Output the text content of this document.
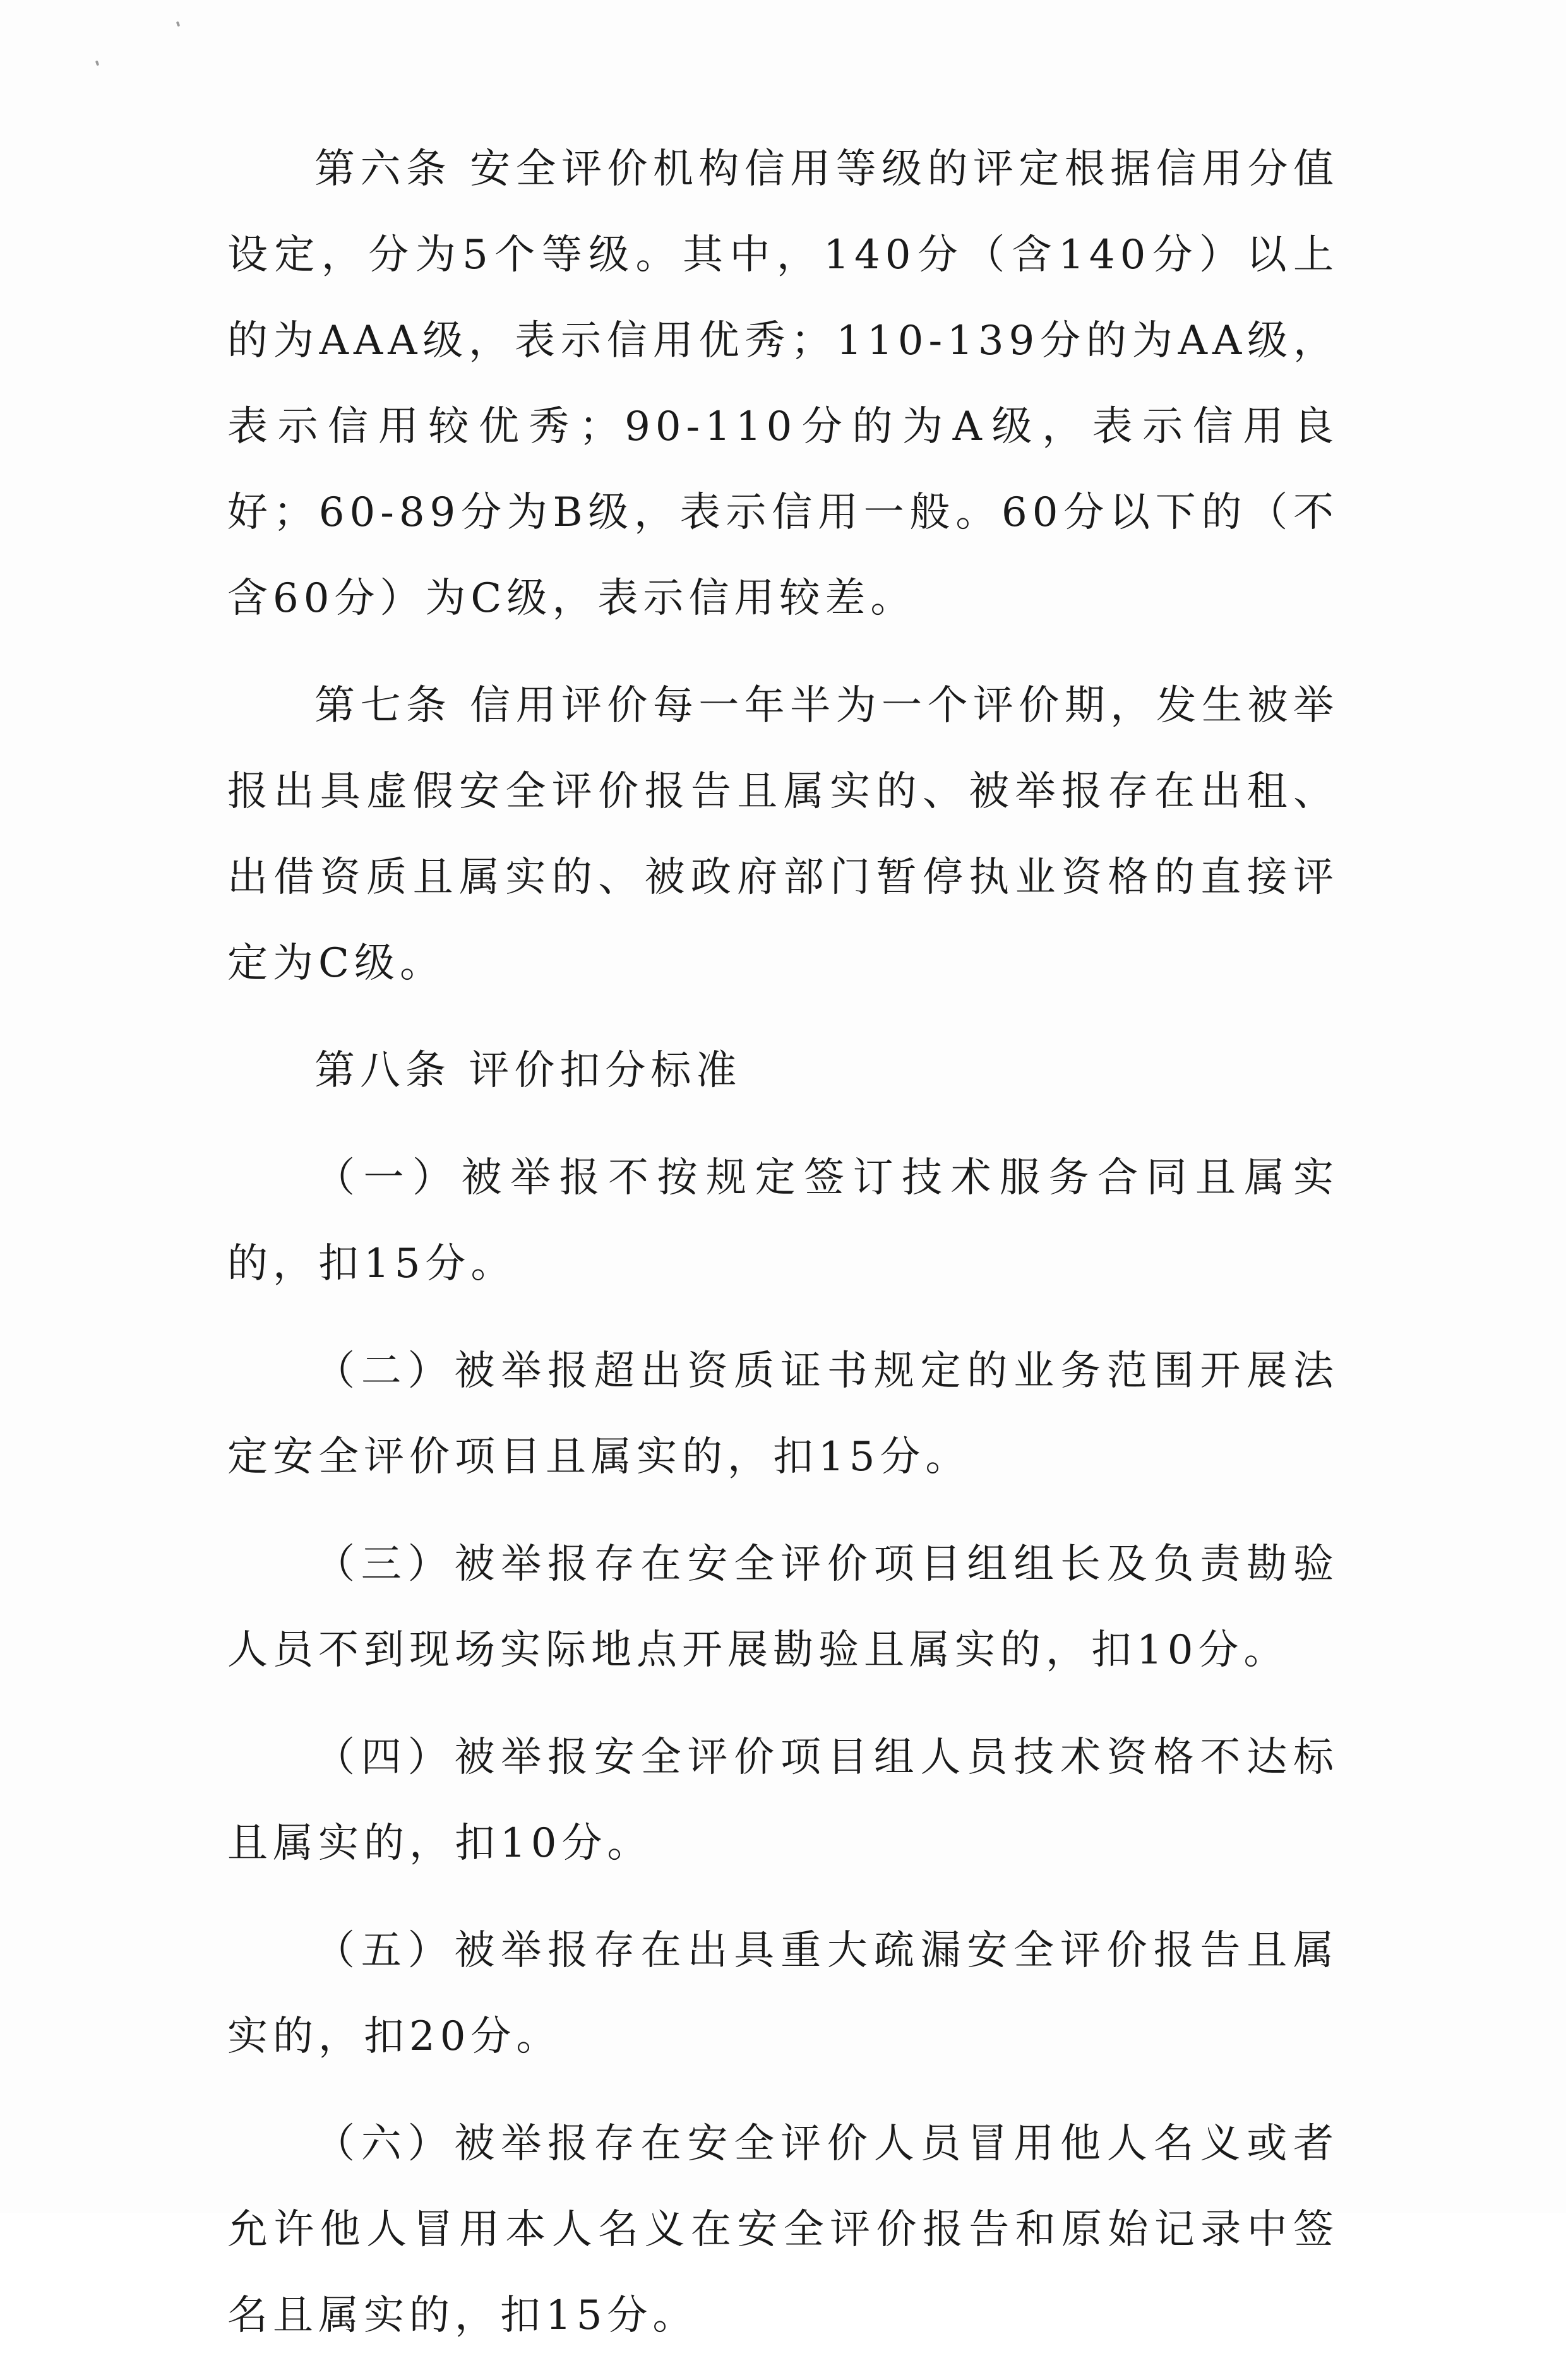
第六条 安全评价机构信用等级的评定根据信用分值设定，分为5个等级。其中，140分（含140分）以上的为AAA级，表示信用优秀；110-139分的为AA级，表示信用较优秀；90-110分的为A级，表示信用良好；60-89分为B级，表示信用一般。60分以下的（不含60分）为C级，表示信用较差。

第七条 信用评价每一年半为一个评价期，发生被举报出具虚假安全评价报告且属实的、被举报存在出租、出借资质且属实的、被政府部门暂停执业资格的直接评定为C级。

第八条 评价扣分标准

（一）被举报不按规定签订技术服务合同且属实的，扣15分。

（二）被举报超出资质证书规定的业务范围开展法定安全评价项目且属实的，扣15分。

（三）被举报存在安全评价项目组组长及负责勘验人员不到现场实际地点开展勘验且属实的，扣10分。

（四）被举报安全评价项目组人员技术资格不达标且属实的，扣10分。

（五）被举报存在出具重大疏漏安全评价报告且属实的，扣20分。

（六）被举报存在安全评价人员冒用他人名义或者允许他人冒用本人名义在安全评价报告和原始记录中签名且属实的，扣15分。
